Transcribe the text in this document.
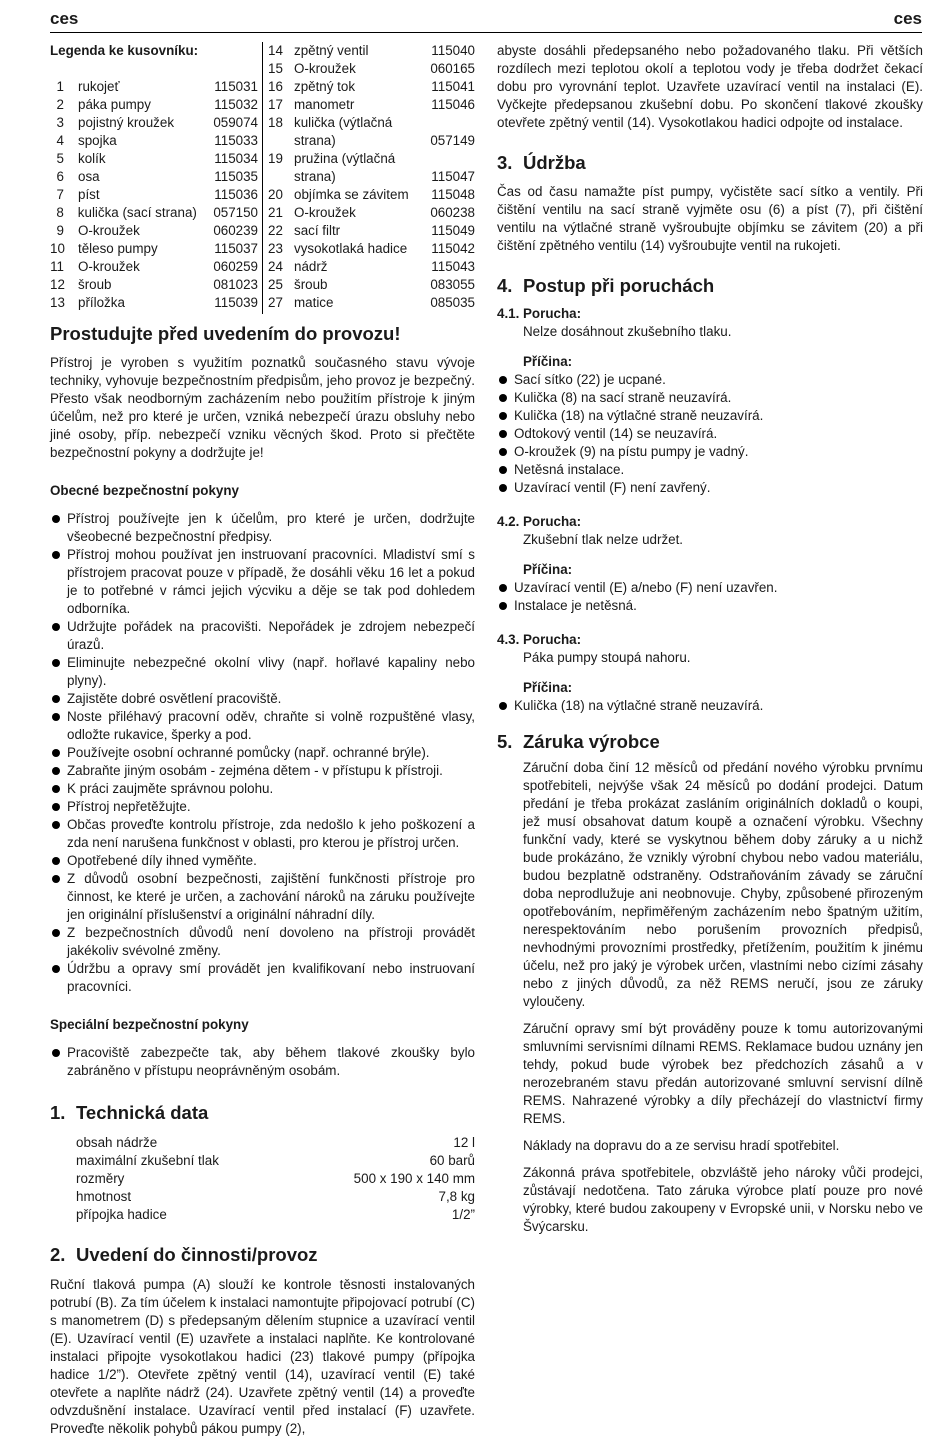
ces	ces
Legenda ke kusovníku:
1 rukojeť	115031
2 páka pumpy	115032
3 pojistný kroužek	059074
4 spojka	115033
5 kolík	115034
6 osa	115035
7 píst	115036
8 kulička (sací strana)	057150
9 O-kroužek	060239
10 těleso pumpy	115037
11 O-kroužek	060259
12 šroub	081023
13 příložka	115039
14 zpětný ventil	115040
15 O-kroužek	060165
16 zpětný tok	115041
17 manometr	115046
18 kulička (výtlačná
strana)	057149
19 pružina (výtlačná
strana)	115047
20 objímka se závitem	115048
21 O-kroužek	060238
22 sací filtr	115049
23 vysokotlaká hadice	115042
24 nádrž	115043
25 šroub	083055
27 matice	085035
Prostudujte před uvedením do provozu!

Přístroj je vyroben s využitím poznatků současného stavu vývoje techniky, vyhovuje bezpečnostním předpisům, jeho provoz je bezpečný. Přesto však neodborným zacházením nebo použitím přístroje k jiným účelům, než pro které je určen, vzniká nebezpečí úrazu obsluhy nebo jiné osoby, příp. nebezpečí vzniku věcných škod. Proto si přečtěte bezpečnostní pokyny a dodržujte je!

Obecné bezpečnostní pokyny
Přístroj používejte jen k účelům, pro které je určen, dodržujte všeobecné bezpečnostní předpisy.
Přístroj mohou používat jen instruovaní pracovníci. Mladiství smí s přístrojem pracovat pouze v případě, že dosáhli věku 16 let a pokud je to potřebné v rámci jejich výcviku a děje se tak pod dohledem odborníka.
Udržujte pořádek na pracovišti. Nepořádek je zdrojem nebezpečí úrazů.
Eliminujte nebezpečné okolní vlivy (např. hořlavé kapaliny nebo plyny).
Zajistěte dobré osvětlení pracoviště.
Noste přiléhavý pracovní oděv, chraňte si volně rozpuštěné vlasy, odložte rukavice, šperky a pod.
Používejte osobní ochranné pomůcky (např. ochranné brýle).
Zabraňte jiným osobám - zejména dětem - v přístupu k přístroji.
K práci zaujměte správnou polohu.
Přístroj nepřetěžujte.
Občas proveďte kontrolu přístroje, zda nedošlo k jeho poškození a zda není narušena funkčnost v oblasti, pro kterou je přístroj určen.
Opotřebené díly ihned vyměňte.
Z důvodů osobní bezpečnosti, zajištění funkčnosti přístroje pro činnost, ke které je určen, a zachování nároků na záruku používejte jen originální příslušenství a originální náhradní díly.
Z bezpečnostních důvodů není dovoleno na přístroji provádět jakékoliv svévolné změny.
Údržbu a opravy smí provádět jen kvalifikovaní nebo instruovaní pracovníci.
Speciální bezpečnostní pokyny
Pracoviště zabezpečte tak, aby během tlakové zkoušky bylo zabráněno v přístupu neoprávněným osobám.
1. Technická data
obsah nádrže	12 l
maximální zkušební tlak	60 barů
rozměry	500 x 190 x 140 mm
hmotnost	7,8 kg
přípojka hadice	1/2”
2. Uvedení do činnosti/provoz

Ruční tlaková pumpa (A) slouží ke kontrole těsnosti instalovaných potrubí (B). Za tím účelem k instalaci namontujte připojovací potrubí (C) s manometrem (D) s předepsaným dělením stupnice a uzavírací ventil (E). Uzavírací ventil (E) uzavřete a instalaci naplňte. Ke kontrolované instalaci připojte vysokotlakou hadici (23) tlakové pumpy (přípojka hadice 1/2”). Otevřete zpětný ventil (14), uzavírací ventil (E) také otevřete a naplňte nádrž (24). Uzavřete zpětný ventil (14) a proveďte odvzdušnění instalace. Uzavírací ventil před instalací (F) uzavřete. Proveďte několik pohybů pákou pumpy (2),

abyste dosáhli předepsaného nebo požadovaného tlaku. Při větších rozdílech mezi teplotou okolí a teplotou vody je třeba dodržet čekací dobu pro vyrovnání teplot. Uzavřete uzavírací ventil na instalaci (E). Vyčkejte předepsanou zkušební dobu. Po skončení tlakové zkoušky otevřete zpětný ventil (14). Vysokotlakou hadici odpojte od instalace.

3. Údržba

Čas od času namažte píst pumpy, vyčistěte sací sítko a ventily. Při čištění ventilu na sací straně vyjměte osu (6) a píst (7), při čištění ventilu na výtlačné straně vyšroubujte objímku se závitem (20) a při čištění zpětného ventilu (14) vyšroubujte ventil na rukojeti.

4. Postup při poruchách
4.1. Porucha:
Nelze dosáhnout zkušebního tlaku.
Příčina:
Sací sítko (22) je ucpané.
Kulička (8) na sací straně neuzavírá.
Kulička (18) na výtlačné straně neuzavírá.
Odtokový ventil (14) se neuzavírá.
O-kroužek (9) na pístu pumpy je vadný.
Netěsná instalace.
Uzavírací ventil (F) není zavřený.
4.2. Porucha:
Zkušební tlak nelze udržet.
Příčina:
Uzavírací ventil (E) a/nebo (F) není uzavřen.
Instalace je netěsná.
4.3. Porucha:
Páka pumpy stoupá nahoru.
Příčina:
Kulička (18) na výtlačné straně neuzavírá.
5. Záruka výrobce

Záruční doba činí 12 měsíců od předání nového výrobku prvnímu spotřebiteli, nejvýše však 24 měsíců po dodání prodejci. Datum předání je třeba prokázat zasláním originálních dokladů o koupi, jež musí obsahovat datum koupě a označení výrobku. Všechny funkční vady, které se vyskytnou během doby záruky a u nichž bude prokázáno, že vznikly výrobní chybou nebo vadou materiálu, budou bezplatně odstraněny. Odstraňováním závady se záruční doba neprodlužuje ani neobnovuje. Chyby, způsobené přirozeným opotřebováním, nepřiměřeným zacházením nebo špatným užitím, nerespektováním nebo porušením provozních předpisů, nevhodnými provozními prostředky, přetížením, použitím k jinému účelu, než pro jaký je výrobek určen, vlastními nebo cizími zásahy nebo z jiných důvodů, za něž REMS neručí, jsou ze záruky vyloučeny.

Záruční opravy smí být prováděny pouze k tomu autorizovanými smluvními servisními dílnami REMS. Reklamace budou uznány jen tehdy, pokud bude výrobek bez předchozích zásahů a v nerozebraném stavu předán autorizované smluvní servisní dílně REMS. Nahrazené výrobky a díly přecházejí do vlastnictví firmy REMS.

Náklady na dopravu do a ze servisu hradí spotřebitel.

Zákonná práva spotřebitele, obzvláště jeho nároky vůči prodejci, zůstávají nedotčena. Tato záruka výrobce platí pouze pro nové výrobky, které budou zakoupeny v Evropské unii, v Norsku nebo ve Švýcarsku.
